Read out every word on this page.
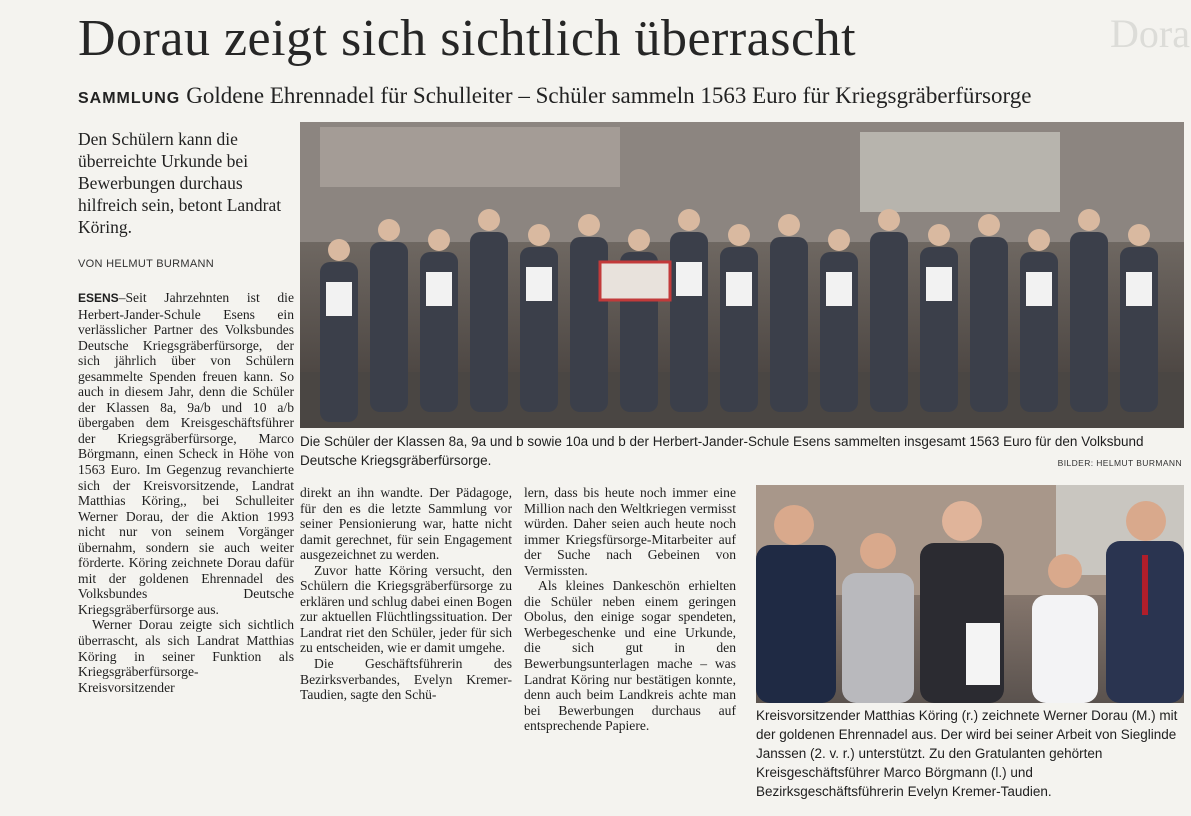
Dorau zeigt sich sichtlich überrascht	Dora
SAMMLUNG Goldene Ehrennadel für Schulleiter – Schüler sammeln 1563 Euro für Kriegsgräberfürsorge
Den Schülern kann die überreichte Urkunde bei Bewerbungen durchaus hilfreich sein, betont Landrat Köring.
VON HELMUT BURMANN

ESENS–Seit Jahrzehnten ist die Herbert-Jander-Schule Esens ein verlässlicher Partner des Volksbundes Deutsche Kriegsgräberfürsorge, der sich jährlich über von Schülern gesammelte Spenden freuen kann. So auch in diesem Jahr, denn die Schüler der Klassen 8a, 9a/b und 10 a/b übergaben dem Kreisgeschäftsführer der Kriegsgräberfürsorge, Marco Börgmann, einen Scheck in Höhe von 1563 Euro. Im Gegenzug revanchierte sich der Kreisvorsitzende, Landrat Matthias Köring,, bei Schulleiter Werner Dorau, der die Aktion 1993 nicht nur von seinem Vorgänger übernahm, sondern sie auch weiter förderte. Köring zeichnete Dorau dafür mit der goldenen Ehrennadel des Volksbundes Deutsche Kriegsgräberfürsorge aus.

Werner Dorau zeigte sich sichtlich überrascht, als sich Landrat Matthias Köring in seiner Funktion als Kriegsgräberfürsorge-Kreisvorsitzender

direkt an ihn wandte. Der Pädagoge, für den es die letzte Sammlung vor seiner Pensionierung war, hatte nicht damit gerechnet, für sein Engagement ausgezeichnet zu werden.

Zuvor hatte Köring versucht, den Schülern die Kriegsgräberfürsorge zu erklären und schlug dabei einen Bogen zur aktuellen Flüchtlingssituation. Der Landrat riet den Schüler, jeder für sich zu entscheiden, wie er damit umgehe.

Die Geschäftsführerin des Bezirksverbandes, Evelyn Kremer-Taudien, sagte den Schü-

lern, dass bis heute noch immer eine Million nach den Weltkriegen vermisst würden. Daher seien auch heute noch immer Kriegsfürsorge-Mitarbeiter auf der Suche nach Gebeinen von Vermissten.

Als kleines Dankeschön erhielten die Schüler neben einem geringen Obolus, den einige sogar spendeten, Werbegeschenke und eine Urkunde, die sich gut in den Bewerbungsunterlagen mache – was Landrat Köring nur bestätigen konnte, denn auch beim Landkreis achte man bei Bewerbungen durchaus auf entsprechende Papiere.

Die Schüler der Klassen 8a, 9a und b sowie 10a und b der Herbert-Jander-Schule Esens sammelten insgesamt 1563 Euro für den Volksbund Deutsche Kriegsgräberfürsorge.	BILDER: HELMUT BURMANN
Kreisvorsitzender Matthias Köring (r.) zeichnete Werner Dorau (M.) mit der goldenen Ehrennadel aus. Der wird bei seiner Arbeit von Sieglinde Janssen (2. v. r.) unterstützt. Zu den Gratulanten gehörten Kreisgeschäftsführer Marco Börgmann (l.) und Bezirksgeschäftsführerin Evelyn Kremer-Taudien.
